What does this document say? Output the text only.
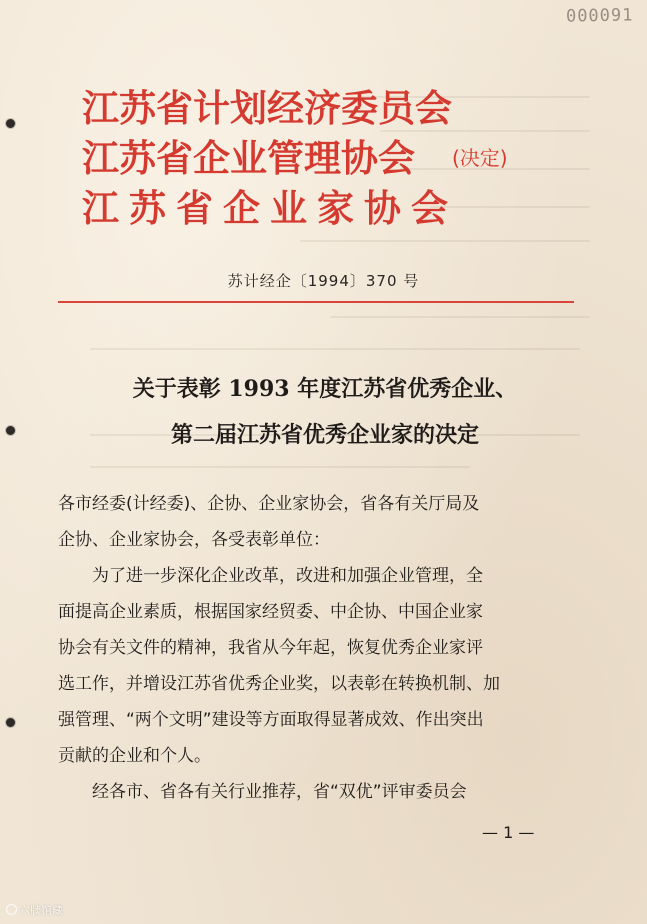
000091
江苏省计划经济委员会
江苏省企业管理协会
江苏省企业家协会
(决定)
苏计经企〔1994〕370 号
关于表彰 1993 年度江苏省优秀企业、
第二届江苏省优秀企业家的决定
各市经委(计经委)、企协、企业家协会，省各有关厅局及
企协、企业家协会，各受表彰单位：
为了进一步深化企业改革，改进和加强企业管理，全
面提高企业素质，根据国家经贸委、中企协、中国企业家
协会有关文件的精神，我省从今年起，恢复优秀企业家评
选工作，并增设江苏省优秀企业奖，以表彰在转换机制、加
强管理、“两个文明”建设等方面取得显著成效、作出突出
贡献的企业和个人。
经各市、省各有关行业推荐，省“双优”评审委员会
— 1 —
六牍馆藏
